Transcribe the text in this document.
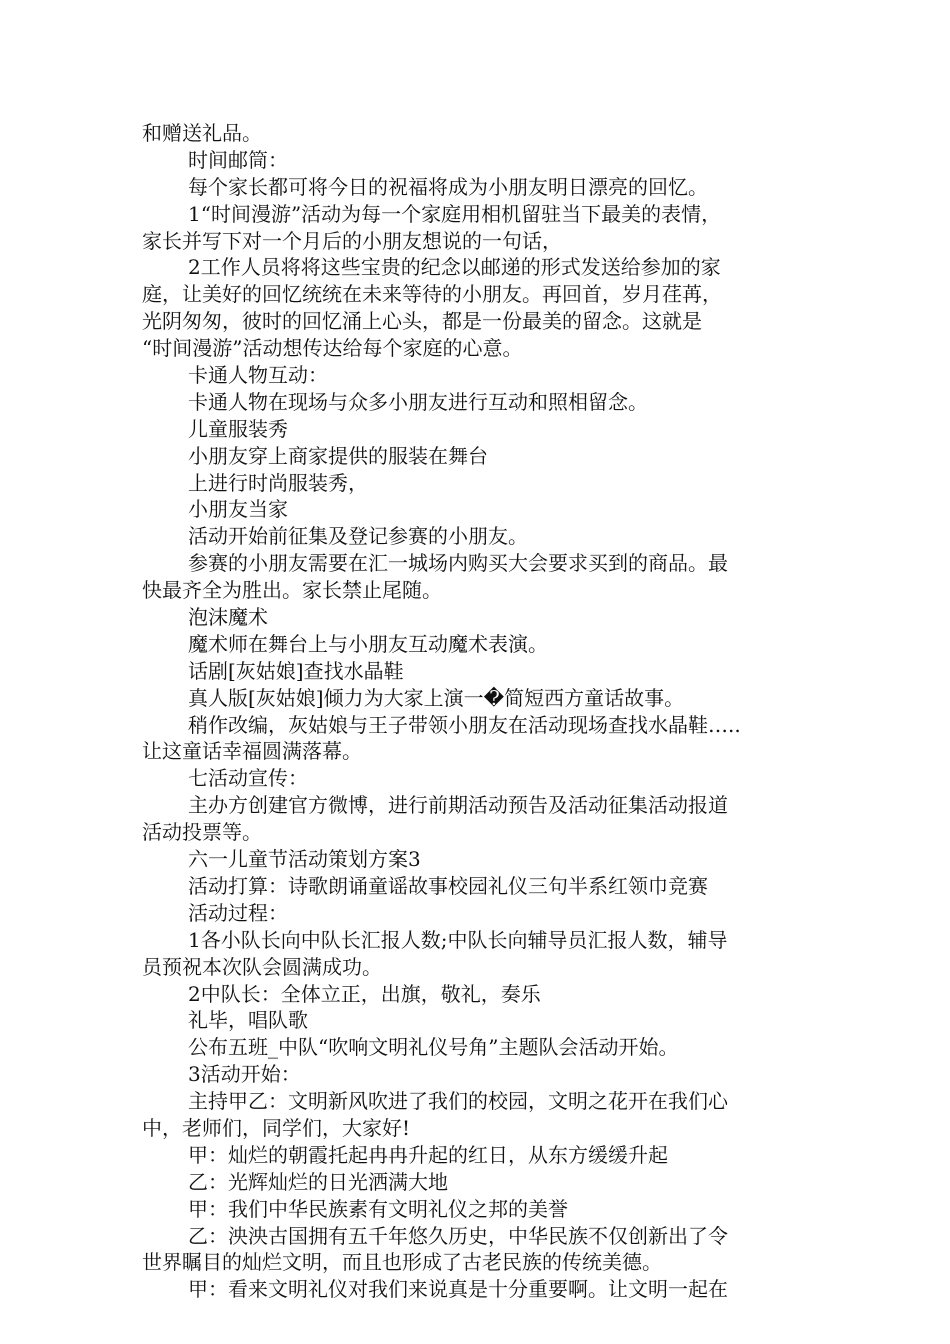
和赠送礼品。
时间邮筒：
每个家长都可将今日的祝福将成为小朋友明日漂亮的回忆。
1“时间漫游”活动为每一个家庭用相机留驻当下最美的表情，
家长并写下对一个月后的小朋友想说的一句话，
2工作人员将将这些宝贵的纪念以邮递的形式发送给参加的家
庭，让美好的回忆统统在未来等待的小朋友。再回首，岁月荏苒，
光阴匆匆，彼时的回忆涌上心头，都是一份最美的留念。这就是
“时间漫游”活动想传达给每个家庭的心意。
卡通人物互动：
卡通人物在现场与众多小朋友进行互动和照相留念。
儿童服装秀
小朋友穿上商家提供的服装在舞台
上进行时尚服装秀，
小朋友当家
活动开始前征集及登记参赛的小朋友。
参赛的小朋友需要在汇一城场内购买大会要求买到的商品。最
快最齐全为胜出。家长禁止尾随。
泡沫魔术
魔术师在舞台上与小朋友互动魔术表演。
话剧[灰姑娘]查找水晶鞋
真人版[灰姑娘]倾力为大家上演一�简短西方童话故事。
稍作改编，灰姑娘与王子带领小朋友在活动现场查找水晶鞋…..
让这童话幸福圆满落幕。
七活动宣传：
主办方创建官方微博，进行前期活动预告及活动征集活动报道
活动投票等。
六一儿童节活动策划方案3
活动打算：诗歌朗诵童谣故事校园礼仪三句半系红领巾竞赛
活动过程：
1各小队长向中队长汇报人数;中队长向辅导员汇报人数，辅导
员预祝本次队会圆满成功。
2中队长：全体立正，出旗，敬礼，奏乐
礼毕，唱队歌
公布五班_中队“吹响文明礼仪号角”主题队会活动开始。
3活动开始：
主持甲乙：文明新风吹进了我们的校园，文明之花开在我们心
中，老师们，同学们，大家好!
甲：灿烂的朝霞托起冉冉升起的红日，从东方缓缓升起
乙：光辉灿烂的日光洒满大地
甲：我们中华民族素有文明礼仪之邦的美誉
乙：泱泱古国拥有五千年悠久历史，中华民族不仅创新出了令
世界瞩目的灿烂文明，而且也形成了古老民族的传统美德。
甲：看来文明礼仪对我们来说真是十分重要啊。让文明一起在
